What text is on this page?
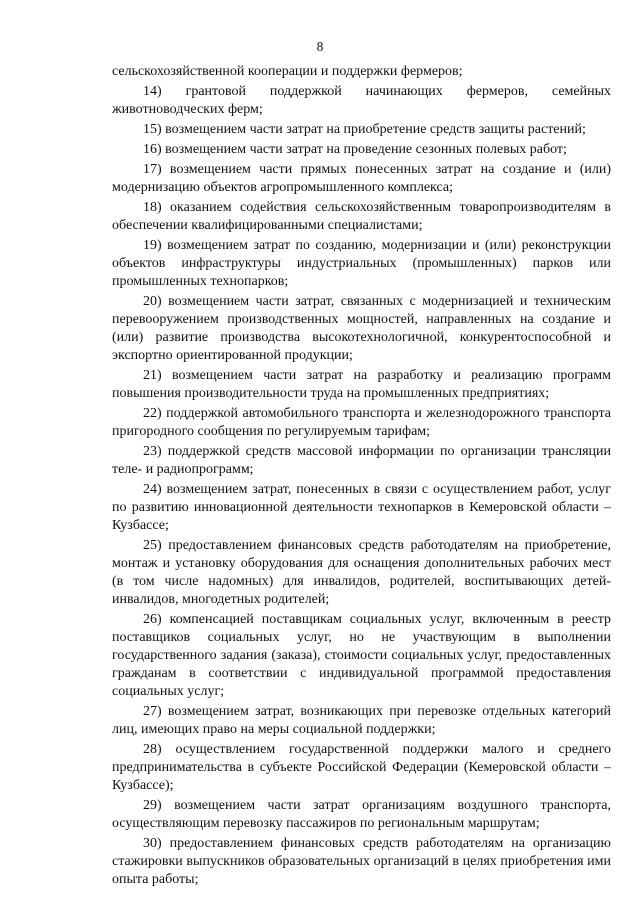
8

сельскохозяйственной кооперации и поддержки фермеров;

14) грантовой поддержкой начинающих фермеров, семейных животноводческих ферм;

15) возмещением части затрат на приобретение средств защиты растений;

16) возмещением части затрат на проведение сезонных полевых работ;

17) возмещением части прямых понесенных затрат на создание и (или) модернизацию объектов агропромышленного комплекса;

18) оказанием содействия сельскохозяйственным товаропроизводителям в обеспечении квалифицированными специалистами;

19) возмещением затрат по созданию, модернизации и (или) реконструкции объектов инфраструктуры индустриальных (промышленных) парков или промышленных технопарков;

20) возмещением части затрат, связанных с модернизацией и техническим перевооружением производственных мощностей, направленных на создание и (или) развитие производства высокотехнологичной, конкурентоспособной и экспортно ориентированной продукции;

21) возмещением части затрат на разработку и реализацию программ повышения производительности труда на промышленных предприятиях;

22) поддержкой автомобильного транспорта и железнодорожного транспорта пригородного сообщения по регулируемым тарифам;

23) поддержкой средств массовой информации по организации трансляции теле- и радиопрограмм;

24) возмещением затрат, понесенных в связи с осуществлением работ, услуг по развитию инновационной деятельности технопарков в Кемеровской области – Кузбассе;

25) предоставлением финансовых средств работодателям на приобретение, монтаж и установку оборудования для оснащения дополнительных рабочих мест (в том числе надомных) для инвалидов, родителей, воспитывающих детей-инвалидов, многодетных родителей;

26) компенсацией поставщикам социальных услуг, включенным в реестр поставщиков социальных услуг, но не участвующим в выполнении государственного задания (заказа), стоимости социальных услуг, предоставленных гражданам в соответствии с индивидуальной программой предоставления социальных услуг;

27) возмещением затрат, возникающих при перевозке отдельных категорий лиц, имеющих право на меры социальной поддержки;

28) осуществлением государственной поддержки малого и среднего предпринимательства в субъекте Российской Федерации (Кемеровской области – Кузбассе);

29) возмещением части затрат организациям воздушного транспорта, осуществляющим перевозку пассажиров по региональным маршрутам;

30) предоставлением финансовых средств работодателям на организацию стажировки выпускников образовательных организаций в целях приобретения ими опыта работы;
